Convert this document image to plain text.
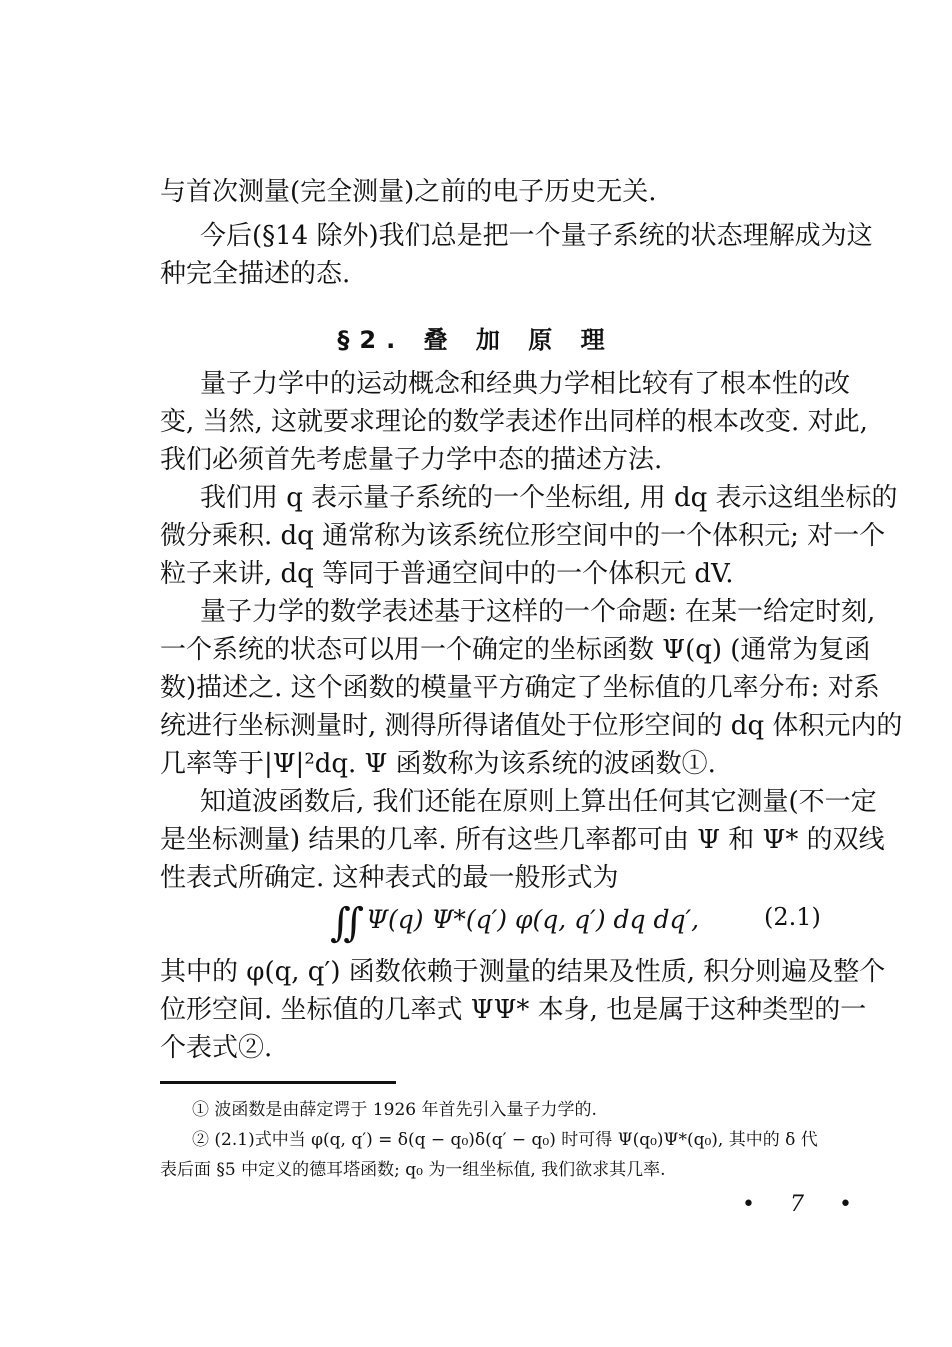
与首次测量(完全测量)之前的电子历史无关.
今后(§14 除外)我们总是把一个量子系统的状态理解成为这
种完全描述的态.
§2. 叠 加 原 理
量子力学中的运动概念和经典力学相比较有了根本性的改
变, 当然, 这就要求理论的数学表述作出同样的根本改变. 对此,
我们必须首先考虑量子力学中态的描述方法.
我们用 q 表示量子系统的一个坐标组, 用 dq 表示这组坐标的
微分乘积. dq 通常称为该系统位形空间中的一个体积元; 对一个
粒子来讲, dq 等同于普通空间中的一个体积元 dV.
量子力学的数学表述基于这样的一个命题: 在某一给定时刻,
一个系统的状态可以用一个确定的坐标函数 Ψ(q) (通常为复函
数)描述之. 这个函数的模量平方确定了坐标值的几率分布: 对系
统进行坐标测量时, 测得所得诸值处于位形空间的 dq 体积元内的
几率等于|Ψ|²dq. Ψ 函数称为该系统的波函数①.
知道波函数后, 我们还能在原则上算出任何其它测量(不一定
是坐标测量) 结果的几率. 所有这些几率都可由 Ψ 和 Ψ* 的双线
性表式所确定. 这种表式的最一般形式为
∬ Ψ(q) Ψ*(q′) φ(q, q′) dq dq′,	(2.1)
其中的 φ(q, q′) 函数依赖于测量的结果及性质, 积分则遍及整个
位形空间. 坐标值的几率式 ΨΨ* 本身, 也是属于这种类型的一
个表式②.
① 波函数是由薛定谔于 1926 年首先引入量子力学的.
② (2.1)式中当 φ(q, q′) = δ(q − q₀)δ(q′ − q₀) 时可得 Ψ(q₀)Ψ*(q₀), 其中的 δ 代
表后面 §5 中定义的德耳塔函数; q₀ 为一组坐标值, 我们欲求其几率.
• 7 •
